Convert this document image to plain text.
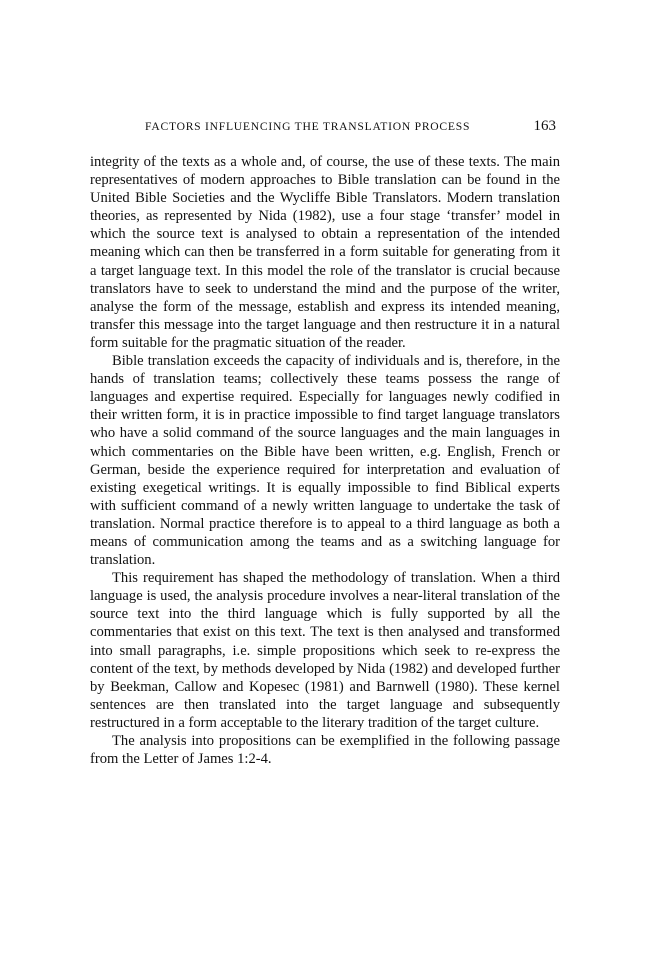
FACTORS INFLUENCING THE TRANSLATION PROCESS	163

integrity of the texts as a whole and, of course, the use of these texts. The main representatives of modern approaches to Bible translation can be found in the United Bible Societies and the Wycliffe Bible Translators. Modern translation theories, as represented by Nida (1982), use a four stage ‘transfer’ model in which the source text is analysed to obtain a representation of the intended meaning which can then be transferred in a form suitable for generating from it a target language text. In this model the role of the translator is crucial because translators have to seek to understand the mind and the purpose of the writer, analyse the form of the message, establish and express its intended meaning, transfer this message into the target language and then restructure it in a natural form suitable for the pragmatic situation of the reader.

Bible translation exceeds the capacity of individuals and is, therefore, in the hands of translation teams; collectively these teams possess the range of languages and expertise required. Especially for languages newly codified in their written form, it is in practice impossible to find target language translators who have a solid command of the source languages and the main languages in which commentaries on the Bible have been written, e.g. English, French or German, beside the experience required for interpretation and evaluation of existing exegetical writings. It is equally impossible to find Biblical experts with sufficient command of a newly written language to undertake the task of translation. Normal practice therefore is to appeal to a third language as both a means of communication among the teams and as a switching language for translation.

This requirement has shaped the methodology of translation. When a third language is used, the analysis procedure involves a near-literal translation of the source text into the third language which is fully supported by all the commentaries that exist on this text. The text is then analysed and transformed into small paragraphs, i.e. simple propositions which seek to re-express the content of the text, by methods developed by Nida (1982) and developed further by Beekman, Callow and Kopesec (1981) and Barnwell (1980). These kernel sentences are then translated into the target language and subsequently restructured in a form acceptable to the literary tradition of the target culture.

The analysis into propositions can be exemplified in the following passage from the Letter of James 1:2-4.
